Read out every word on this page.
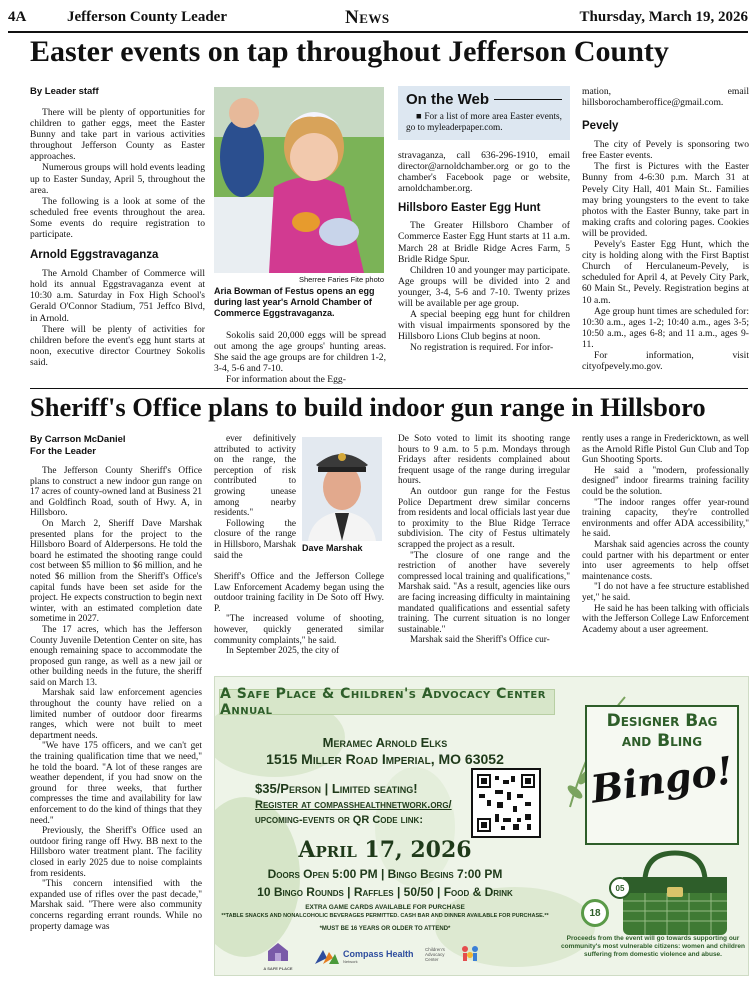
4A	Jefferson County Leader	News	Thursday, March 19, 2026
Easter events on tap throughout Jefferson County
By Leader staff

There will be plenty of opportunities for children to gather eggs, meet the Easter Bunny and take part in various activities throughout Jefferson County as Easter approaches.

Numerous groups will hold events leading up to Easter Sunday, April 5, throughout the area.

The following is a look at some of the scheduled free events throughout the area. Some events do require registration to participate.

Arnold Eggstravaganza

The Arnold Chamber of Commerce will hold its annual Eggstravaganza event at 10:30 a.m. Saturday in Fox High School's Gerald O'Connor Stadium, 751 Jeffco Blvd, in Arnold.

There will be plenty of activities for children before the event's egg hunt starts at noon, executive director Courtney Sokolis said.

Sherree Faries Fite photo
Aria Bowman of Festus opens an egg during last year's Arnold Chamber of Commerce Eggstravaganza.

Sokolis said 20,000 eggs will be spread out among the age groups' hunting areas. She said the age groups are for children 1-2, 3-4, 5-6 and 7-10.

For information about the Egg-

On the Web
■ For a list of more area Easter events, go to myleaderpaper.com.
stravaganza, call 636-296-1910, email director@arnoldchamber.org or go to the chamber's Facebook page or website, arnoldchamber.org.
Hillsboro Easter Egg Hunt

The Greater Hillsboro Chamber of Commerce Easter Egg Hunt starts at 11 a.m. March 28 at Bridle Ridge Acres Farm, 5 Bridle Ridge Spur.

Children 10 and younger may participate. Age groups will be divided into 2 and younger, 3-4, 5-6 and 7-10. Twenty prizes will be available per age group.

A special beeping egg hunt for children with visual impairments sponsored by the Hillsboro Lions Club begins at noon.

No registration is required. For infor-

mation, email hillsborochamberoffice@gmail.com.
Pevely

The city of Pevely is sponsoring two free Easter events.

The first is Pictures with the Easter Bunny from 4-6:30 p.m. March 31 at Pevely City Hall, 401 Main St.. Families may bring youngsters to the event to take photos with the Easter Bunny, take part in making crafts and coloring pages. Cookies will be provided.

Pevely's Easter Egg Hunt, which the city is holding along with the First Baptist Church of Herculaneum-Pevely, is scheduled for April 4, at Pevely City Park, 60 Main St., Pevely. Registration begins at 10 a.m.

Age group hunt times are scheduled for: 10:30 a.m., ages 1-2; 10:40 a.m., ages 3-5; 10:50 a.m., ages 6-8; and 11 a.m., ages 9-11.

For information, visit cityofpevely.mo.gov.

Sheriff's Office plans to build indoor gun range in Hillsboro
By Carrson McDaniel
For the Leader

The Jefferson County Sheriff's Office plans to construct a new indoor gun range on 17 acres of county-owned land at Business 21 and Goldfinch Road, south of Hwy. A, in Hillsboro.

On March 2, Sheriff Dave Marshak presented plans for the project to the Hillsboro Board of Alderpersons. He told the board he estimated the shooting range could cost between $5 million to $6 million, and he noted $6 million from the Sheriff's Office's capital funds have been set aside for the project. He expects construction to begin next winter, with an estimated completion date sometime in 2027.

The 17 acres, which has the Jefferson County Juvenile Detention Center on site, has enough remaining space to accommodate the proposed gun range, as well as a new jail or other building needs in the future, the sheriff said on March 13.

Marshak said law enforcement agencies throughout the county have relied on a limited number of outdoor door firearms ranges, which were not built to meet department needs.

"We have 175 officers, and we can't get the training qualification time that we need," he told the board. "A lot of these ranges are weather dependent, if you had snow on the ground for three weeks, that further compresses the time and availability for law enforcement to do the kind of things that they need."

Previously, the Sheriff's Office used an outdoor firing range off Hwy. BB next to the Hillsboro water treatment plant. The facility closed in early 2025 due to noise complaints from residents.

"This concern intensified with the expanded use of rifles over the past decade," Marshak said. "There were also community concerns regarding errant rounds. While no property damage was

ever definitively attributed to activity on the range, the perception of risk contributed to growing unease among nearby residents."

Following the closure of the range in Hillsboro, Marshak said the

Dave Marshak

Sheriff's Office and the Jefferson College Law Enforcement Academy began using the outdoor training facility in De Soto off Hwy. P.

"The increased volume of shooting, however, quickly generated similar community complaints," he said.

In September 2025, the city of

De Soto voted to limit its shooting range hours to 9 a.m. to 5 p.m. Mondays through Fridays after residents complained about frequent usage of the range during irregular hours.

An outdoor gun range for the Festus Police Department drew similar concerns from residents and local officials last year due to proximity to the Blue Ridge Terrace subdivision. The city of Festus ultimately scrapped the project as a result.

"The closure of one range and the restriction of another have severely compressed local training and qualifications," Marshak said. "As a result, agencies like ours are facing increasing difficulty in maintaining mandated qualifications and essential safety training. The current situation is no longer sustainable."

Marshak said the Sheriff's Office cur-

rently uses a range in Fredericktown, as well as the Arnold Rifle Pistol Gun Club and Top Gun Shooting Sports.

He said a "modern, professionally designed" indoor firearms training facility could be the solution.

"The indoor ranges offer year-round training capacity, they're controlled environments and offer ADA accessibility," he said.

Marshak said agencies across the county could partner with his department or enter into user agreements to help offset maintenance costs.

"I do not have a fee structure established yet," he said.

He said he has been talking with officials with the Jefferson College Law Enforcement Academy about a user agreement.

A Safe Place & Children's Advocacy Center Annual
Meramec Arnold Elks
1515 Miller Road Imperial, MO 63052
$35/Person | Limited seating!
Register at compasshealthnetwork.org/
upcoming-events or QR Code link:
April 17, 2026
Doors Open 5:00 PM | Bingo Begins 7:00 PM
10 Bingo Rounds | Raffles | 50/50 | Food & Drink
EXTRA GAME CARDS AVAILABLE FOR PURCHASE
**TABLE SNACKS AND NONALCOHOLIC BEVERAGES PERMITTED. CASH BAR AND DINNER AVAILABLE FOR PURCHASE.**
*MUST BE 16 YEARS OR OLDER TO ATTEND*
A SAFE PLACE
Compass Health
Network
Children's Advocacy Center
Designer Bag
and Bling
Bingo!
05
18
Proceeds from the event will go towards supporting our community's most vulnerable citizens: women and children suffering from domestic violence and abuse.
